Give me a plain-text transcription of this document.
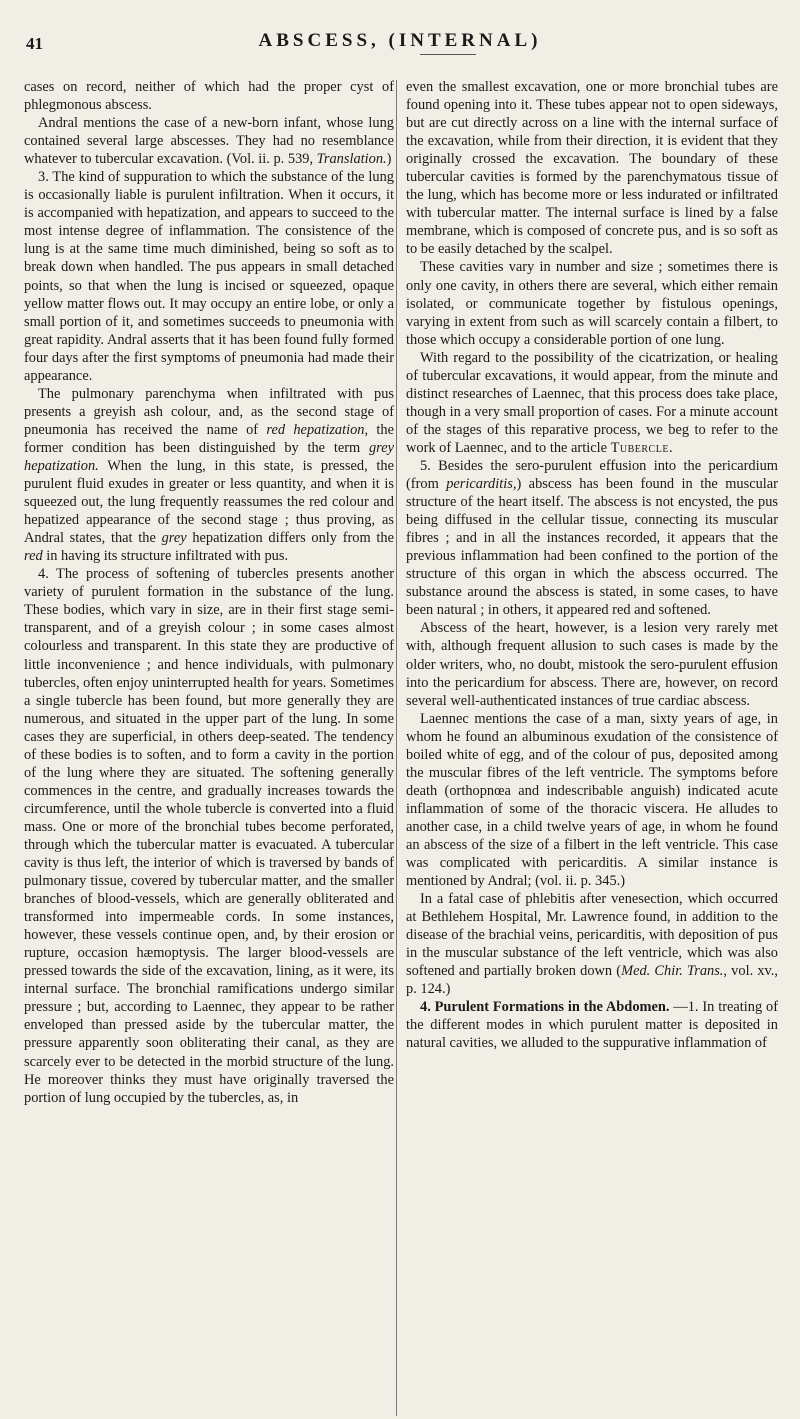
41	ABSCESS, (INTERNAL)

cases on record, neither of which had the proper cyst of phlegmonous abscess.

Andral mentions the case of a new-born infant, whose lung contained several large abscesses. They had no resemblance whatever to tubercular excavation. (Vol. ii. p. 539, Translation.)

3. The kind of suppuration to which the substance of the lung is occasionally liable is purulent infiltration. When it occurs, it is accompanied with hepatization, and appears to succeed to the most intense degree of inflammation. The consistence of the lung is at the same time much diminished, being so soft as to break down when handled. The pus appears in small detached points, so that when the lung is incised or squeezed, opaque yellow matter flows out. It may occupy an entire lobe, or only a small portion of it, and sometimes succeeds to pneumonia with great rapidity. Andral asserts that it has been found fully formed four days after the first symptoms of pneumonia had made their appearance.

The pulmonary parenchyma when infiltrated with pus presents a greyish ash colour, and, as the second stage of pneumonia has received the name of red hepatization, the former condition has been distinguished by the term grey hepatization. When the lung, in this state, is pressed, the purulent fluid exudes in greater or less quantity, and when it is squeezed out, the lung frequently reassumes the red colour and hepatized appearance of the second stage ; thus proving, as Andral states, that the grey hepatization differs only from the red in having its structure infiltrated with pus.

4. The process of softening of tubercles presents another variety of purulent formation in the substance of the lung. These bodies, which vary in size, are in their first stage semi-transparent, and of a greyish colour ; in some cases almost colourless and transparent. In this state they are productive of little inconvenience ; and hence individuals, with pulmonary tubercles, often enjoy uninterrupted health for years. Sometimes a single tubercle has been found, but more generally they are numerous, and situated in the upper part of the lung. In some cases they are superficial, in others deep-seated. The tendency of these bodies is to soften, and to form a cavity in the portion of the lung where they are situated. The softening generally commences in the centre, and gradually increases towards the circumference, until the whole tubercle is converted into a fluid mass. One or more of the bronchial tubes become perforated, through which the tubercular matter is evacuated. A tubercular cavity is thus left, the interior of which is traversed by bands of pulmonary tissue, covered by tubercular matter, and the smaller branches of blood-vessels, which are generally obliterated and transformed into impermeable cords. In some instances, however, these vessels continue open, and, by their erosion or rupture, occasion hæmoptysis. The larger blood-vessels are pressed towards the side of the excavation, lining, as it were, its internal surface. The bronchial ramifications undergo similar pressure ; but, according to Laennec, they appear to be rather enveloped than pressed aside by the tubercular matter, the pressure apparently soon obliterating their canal, as they are scarcely ever to be detected in the morbid structure of the lung. He moreover thinks they must have originally traversed the portion of lung occupied by the tubercles, as, in

even the smallest excavation, one or more bronchial tubes are found opening into it. These tubes appear not to open sideways, but are cut directly across on a line with the internal surface of the excavation, while from their direction, it is evident that they originally crossed the excavation. The boundary of these tubercular cavities is formed by the parenchymatous tissue of the lung, which has become more or less indurated or infiltrated with tubercular matter. The internal surface is lined by a false membrane, which is composed of concrete pus, and is so soft as to be easily detached by the scalpel.

These cavities vary in number and size ; sometimes there is only one cavity, in others there are several, which either remain isolated, or communicate together by fistulous openings, varying in extent from such as will scarcely contain a filbert, to those which occupy a considerable portion of one lung.

With regard to the possibility of the cicatrization, or healing of tubercular excavations, it would appear, from the minute and distinct researches of Laennec, that this process does take place, though in a very small proportion of cases. For a minute account of the stages of this reparative process, we beg to refer to the work of Laennec, and to the article Tubercle.

5. Besides the sero-purulent effusion into the pericardium (from pericarditis,) abscess has been found in the muscular structure of the heart itself. The abscess is not encysted, the pus being diffused in the cellular tissue, connecting its muscular fibres ; and in all the instances recorded, it appears that the previous inflammation had been confined to the portion of the structure of this organ in which the abscess occurred. The substance around the abscess is stated, in some cases, to have been natural ; in others, it appeared red and softened.

Abscess of the heart, however, is a lesion very rarely met with, although frequent allusion to such cases is made by the older writers, who, no doubt, mistook the sero-purulent effusion into the pericardium for abscess. There are, however, on record several well-authenticated instances of true cardiac abscess.

Laennec mentions the case of a man, sixty years of age, in whom he found an albuminous exudation of the consistence of boiled white of egg, and of the colour of pus, deposited among the muscular fibres of the left ventricle. The symptoms before death (orthopnœa and indescribable anguish) indicated acute inflammation of some of the thoracic viscera. He alludes to another case, in a child twelve years of age, in whom he found an abscess of the size of a filbert in the left ventricle. This case was complicated with pericarditis. A similar instance is mentioned by Andral; (vol. ii. p. 345.)

In a fatal case of phlebitis after venesection, which occurred at Bethlehem Hospital, Mr. Lawrence found, in addition to the disease of the brachial veins, pericarditis, with deposition of pus in the muscular substance of the left ventricle, which was also softened and partially broken down (Med. Chir. Trans., vol. xv., p. 124.)

4. Purulent Formations in the Abdomen. —1. In treating of the different modes in which purulent matter is deposited in natural cavities, we alluded to the suppurative inflammation of
